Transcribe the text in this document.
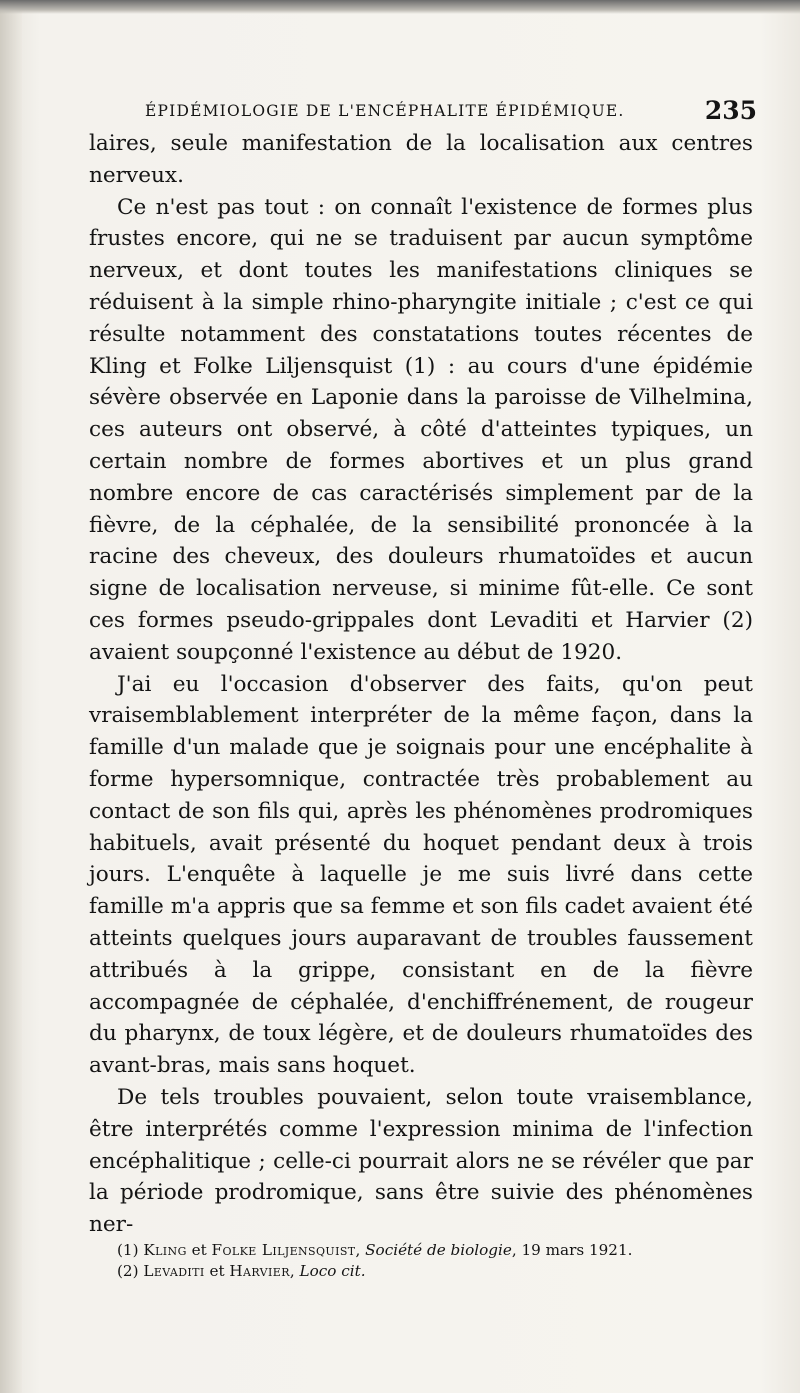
ÉPIDÉMIOLOGIE DE L'ENCÉPHALITE ÉPIDÉMIQUE.	235

laires, seule manifestation de la localisation aux centres nerveux.

Ce n'est pas tout : on connaît l'existence de formes plus frustes encore, qui ne se traduisent par aucun symptôme nerveux, et dont toutes les manifestations cliniques se réduisent à la simple rhino-pharyngite initiale ; c'est ce qui résulte notamment des constatations toutes récentes de Kling et Folke Liljensquist (1) : au cours d'une épidémie sévère observée en Laponie dans la paroisse de Vilhelmina, ces auteurs ont observé, à côté d'atteintes typiques, un certain nombre de formes abortives et un plus grand nombre encore de cas caractérisés simplement par de la fièvre, de la céphalée, de la sensibilité prononcée à la racine des cheveux, des douleurs rhumatoïdes et aucun signe de localisation nerveuse, si minime fût-elle. Ce sont ces formes pseudo-grippales dont Levaditi et Harvier (2) avaient soupçonné l'existence au début de 1920.

J'ai eu l'occasion d'observer des faits, qu'on peut vraisemblablement interpréter de la même façon, dans la famille d'un malade que je soignais pour une encéphalite à forme hypersomnique, contractée très probablement au contact de son fils qui, après les phénomènes prodromiques habituels, avait présenté du hoquet pendant deux à trois jours. L'enquête à laquelle je me suis livré dans cette famille m'a appris que sa femme et son fils cadet avaient été atteints quelques jours auparavant de troubles faussement attribués à la grippe, consistant en de la fièvre accompagnée de céphalée, d'enchiffrénement, de rougeur du pharynx, de toux légère, et de douleurs rhumatoïdes des avant-bras, mais sans hoquet.

De tels troubles pouvaient, selon toute vraisemblance, être interprétés comme l'expression minima de l'infection encéphalitique ; celle-ci pourrait alors ne se révéler que par la période prodromique, sans être suivie des phénomènes ner-

(1) Kling et Folke Liljensquist, Société de biologie, 19 mars 1921.

(2) Levaditi et Harvier, Loco cit.
